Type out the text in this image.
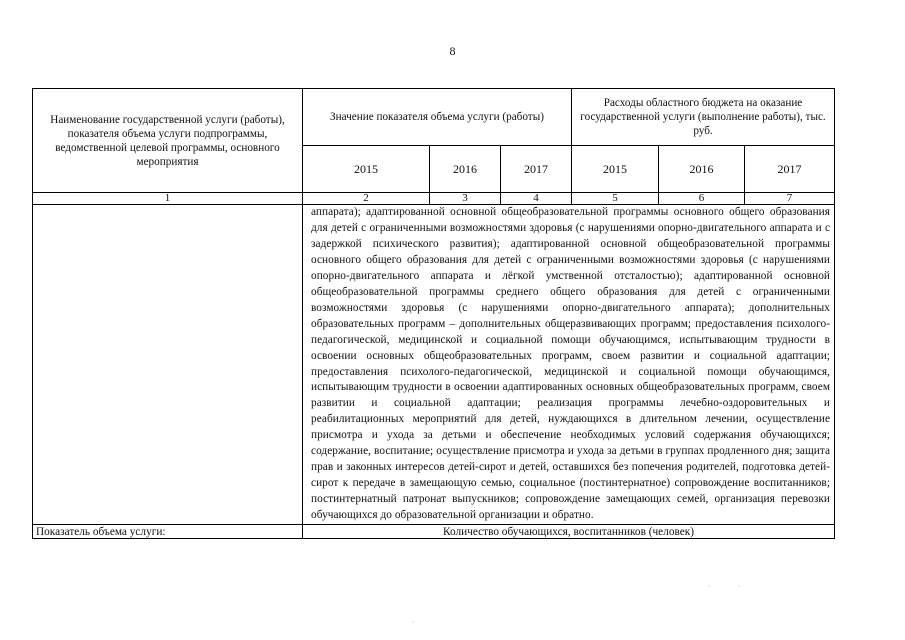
8
Наименование государственной услуги (работы), показателя объема услуги подпрограммы, ведомственной целевой программы, основного мероприятия	Значение показателя объема услуги (работы)			Расходы областного бюджета на оказание государственной услуги (выполнение работы), тыс. руб.		
	2015	2016	2017	2015	2016	2017
1	2	3	4	5	6	7
	аппарата); адаптированной основной общеобразовательной программы основного общего образования для детей с ограниченными возможностями здоровья (с нарушениями опорно-двигательного аппарата и с задержкой психического развития); адаптированной основной общеобразовательной программы основного общего образования для детей с ограниченными возможностями здоровья (с нарушениями опорно-двигательного аппарата и лёгкой умственной отсталостью); адаптированной основной общеобразовательной программы среднего общего образования для детей с ограниченными возможностями здоровья (с нарушениями опорно-двигательного аппарата); дополнительных образовательных программ – дополнительных общеразвивающих программ; предоставления психолого-педагогической, медицинской и социальной помощи обучающимся, испытывающим трудности в освоении основных общеобразовательных программ, своем развитии и социальной адаптации; предоставления психолого-педагогической, медицинской и социальной помощи обучающимся, испытывающим трудности в освоении адаптированных основных общеобразовательных программ, своем развитии и социальной адаптации; реализация программы лечебно-оздоровительных и реабилитационных мероприятий для детей, нуждающихся в длительном лечении, осуществление присмотра и ухода за детьми и обеспечение необходимых условий содержания обучающихся; содержание, воспитание; осуществление присмотра и ухода за детьми в группах продленного дня; защита прав и законных интересов детей-сирот и детей, оставшихся без попечения родителей, подготовка детей-сирот к передаче в замещающую семью, социальное (постинтернатное) сопровождение воспитанников; постинтернатный патронат выпускников; сопровождение замещающих семей, организация перевозки обучающихся до образовательной организации и обратно.					
Показатель объема услуги:	Количество обучающихся, воспитанников (человек)					
·	·
·
